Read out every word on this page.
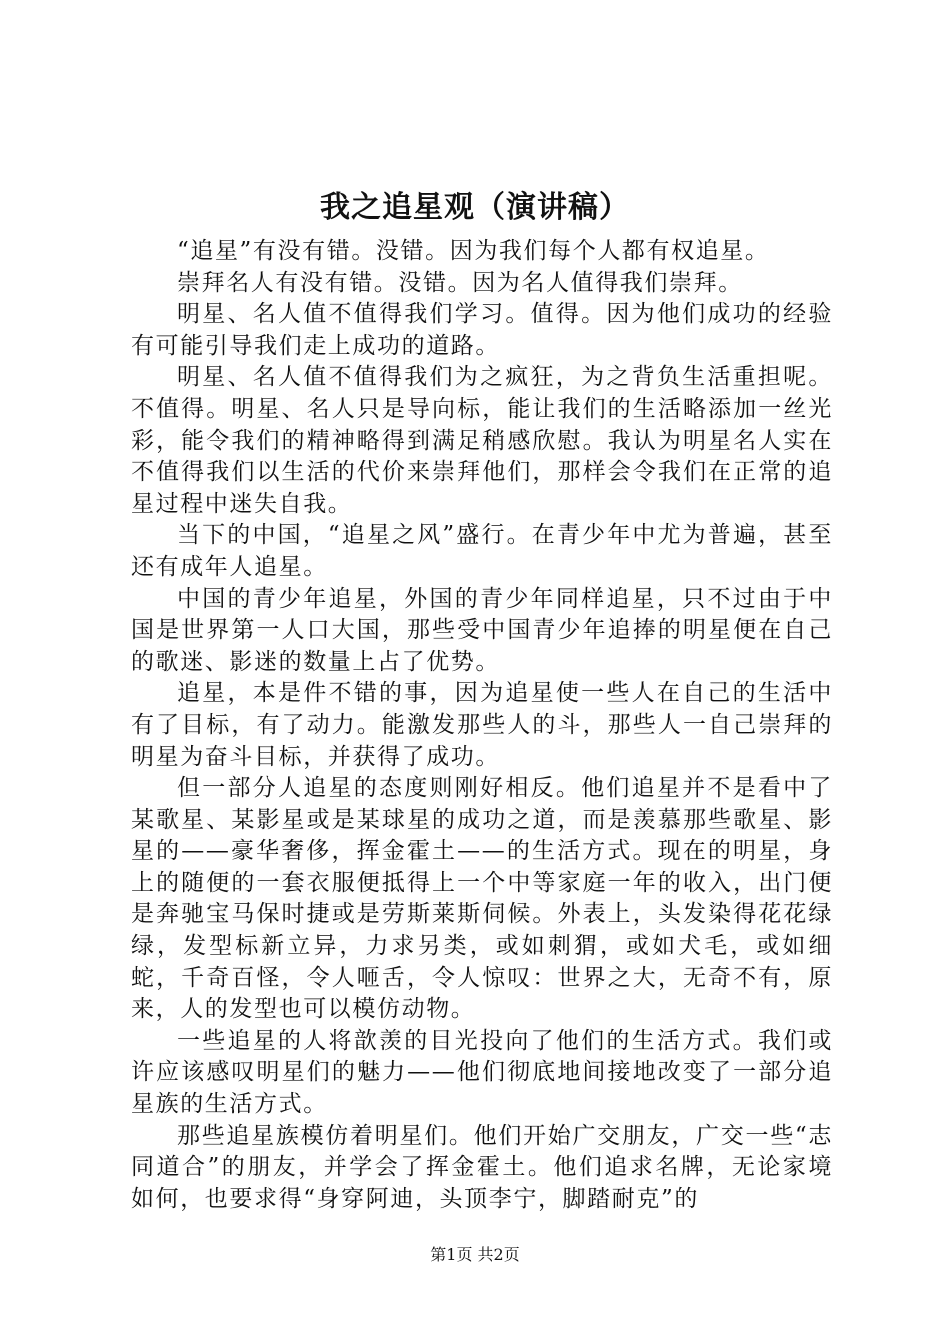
我之追星观（演讲稿）

“追星”有没有错。没错。因为我们每个人都有权追星。

崇拜名人有没有错。没错。因为名人值得我们崇拜。

明星、名人值不值得我们学习。值得。因为他们成功的经验有可能引导我们走上成功的道路。

明星、名人值不值得我们为之疯狂，为之背负生活重担呢。不值得。明星、名人只是导向标，能让我们的生活略添加一丝光彩，能令我们的精神略得到满足稍感欣慰。我认为明星名人实在不值得我们以生活的代价来崇拜他们，那样会令我们在正常的追星过程中迷失自我。

当下的中国，“追星之风”盛行。在青少年中尤为普遍，甚至还有成年人追星。

中国的青少年追星，外国的青少年同样追星，只不过由于中国是世界第一人口大国，那些受中国青少年追捧的明星便在自己的歌迷、影迷的数量上占了优势。

追星，本是件不错的事，因为追星使一些人在自己的生活中有了目标，有了动力。能激发那些人的斗，那些人一自己崇拜的明星为奋斗目标，并获得了成功。

但一部分人追星的态度则刚好相反。他们追星并不是看中了某歌星、某影星或是某球星的成功之道，而是羡慕那些歌星、影星的——豪华奢侈，挥金霍土——的生活方式。现在的明星，身上的随便的一套衣服便抵得上一个中等家庭一年的收入，出门便是奔驰宝马保时捷或是劳斯莱斯伺候。外表上，头发染得花花绿绿，发型标新立异，力求另类，或如刺猬，或如犬毛，或如细蛇，千奇百怪，令人咂舌，令人惊叹：世界之大，无奇不有，原来，人的发型也可以模仿动物。

一些追星的人将歆羡的目光投向了他们的生活方式。我们或许应该感叹明星们的魅力——他们彻底地间接地改变了一部分追星族的生活方式。

那些追星族模仿着明星们。他们开始广交朋友，广交一些“志同道合”的朋友，并学会了挥金霍土。他们追求名牌，无论家境如何，也要求得“身穿阿迪，头顶李宁，脚踏耐克”的

第1页 共2页
